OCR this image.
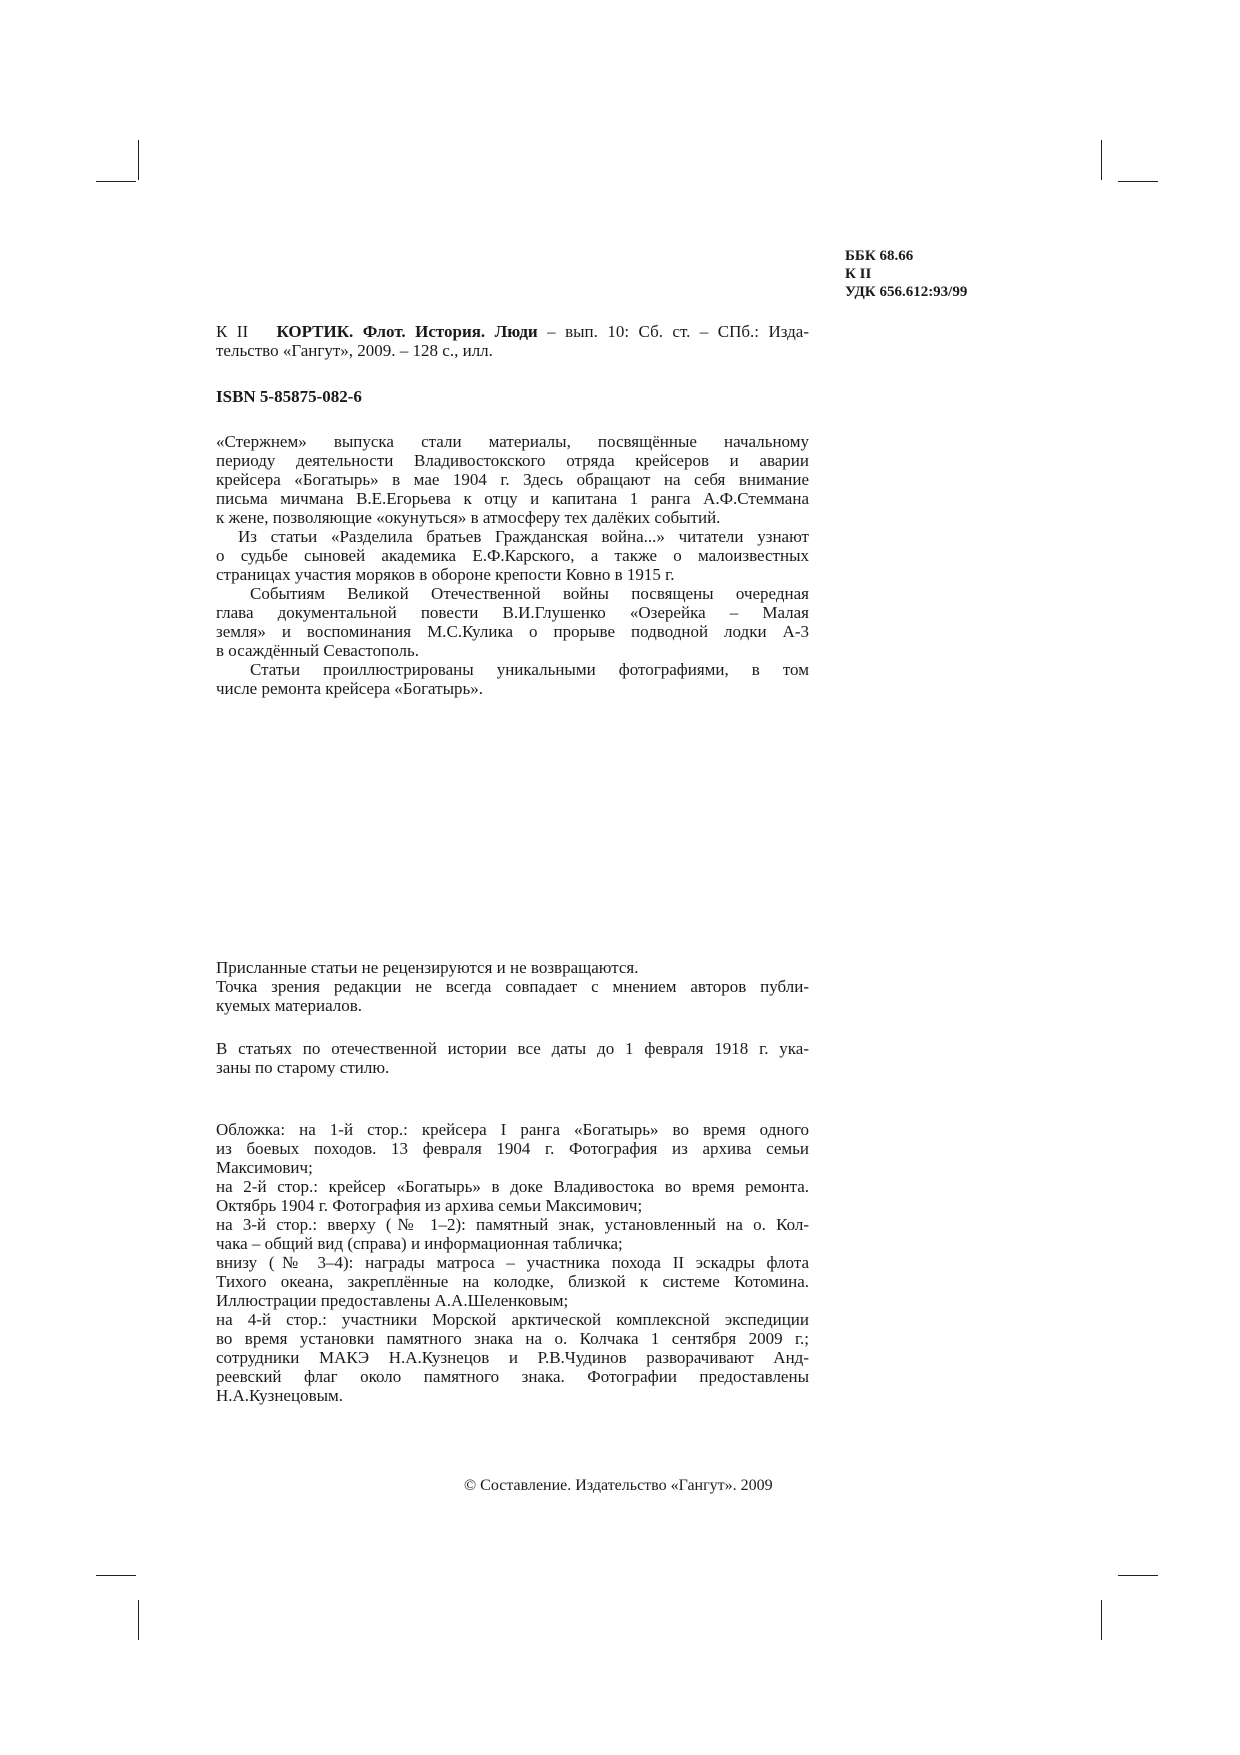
ББК 68.66
К II
УДК 656.612:93/99
К II КОРТИК. Флот. История. Люди – вып. 10: Сб. ст. – СПб.: Изда-
тельство «Гангут», 2009. – 128 с., илл.
ISBN 5-85875-082-6
«Стержнем» выпуска стали материалы, посвящённые начальному
периоду деятельности Владивостокского отряда крейсеров и аварии
крейсера «Богатырь» в мае 1904 г. Здесь обращают на себя внимание
письма мичмана В.Е.Егорьева к отцу и капитана 1 ранга А.Ф.Стеммана
к жене, позволяющие «окунуться» в атмосферу тех далёких событий.
Из статьи «Разделила братьев Гражданская война...» читатели узнают
о судьбе сыновей академика Е.Ф.Карского, а также о малоизвестных
страницах участия моряков в обороне крепости Ковно в 1915 г.
Событиям Великой Отечественной войны посвящены очередная
глава документальной повести В.И.Глушенко «Озерейка – Малая
земля» и воспоминания М.С.Кулика о прорыве подводной лодки А-3
в осаждённый Севастополь.
Статьи проиллюстрированы уникальными фотографиями, в том
числе ремонта крейсера «Богатырь».
Присланные статьи не рецензируются и не возвращаются.
Точка зрения редакции не всегда совпадает с мнением авторов публи-
куемых материалов.
В статьях по отечественной истории все даты до 1 февраля 1918 г. ука-
заны по старому стилю.
Обложка: на 1-й стор.: крейсера I ранга «Богатырь» во время одного
из боевых походов. 13 февраля 1904 г. Фотография из архива семьи
Максимович;
на 2-й стор.: крейсер «Богатырь» в доке Владивостока во время ремонта.
Октябрь 1904 г. Фотография из архива семьи Максимович;
на 3-й стор.: вверху (№ 1–2): памятный знак, установленный на о. Кол-
чака – общий вид (справа) и информационная табличка;
внизу (№ 3–4): награды матроса – участника похода II эскадры флота
Тихого океана, закреплённые на колодке, близкой к системе Котомина.
Иллюстрации предоставлены А.А.Шеленковым;
на 4-й стор.: участники Морской арктической комплексной экспедиции
во время установки памятного знака на о. Колчака 1 сентября 2009 г.;
сотрудники МАКЭ Н.А.Кузнецов и Р.В.Чудинов разворачивают Анд-
реевский флаг около памятного знака. Фотографии предоставлены
Н.А.Кузнецовым.
© Составление. Издательство «Гангут». 2009
